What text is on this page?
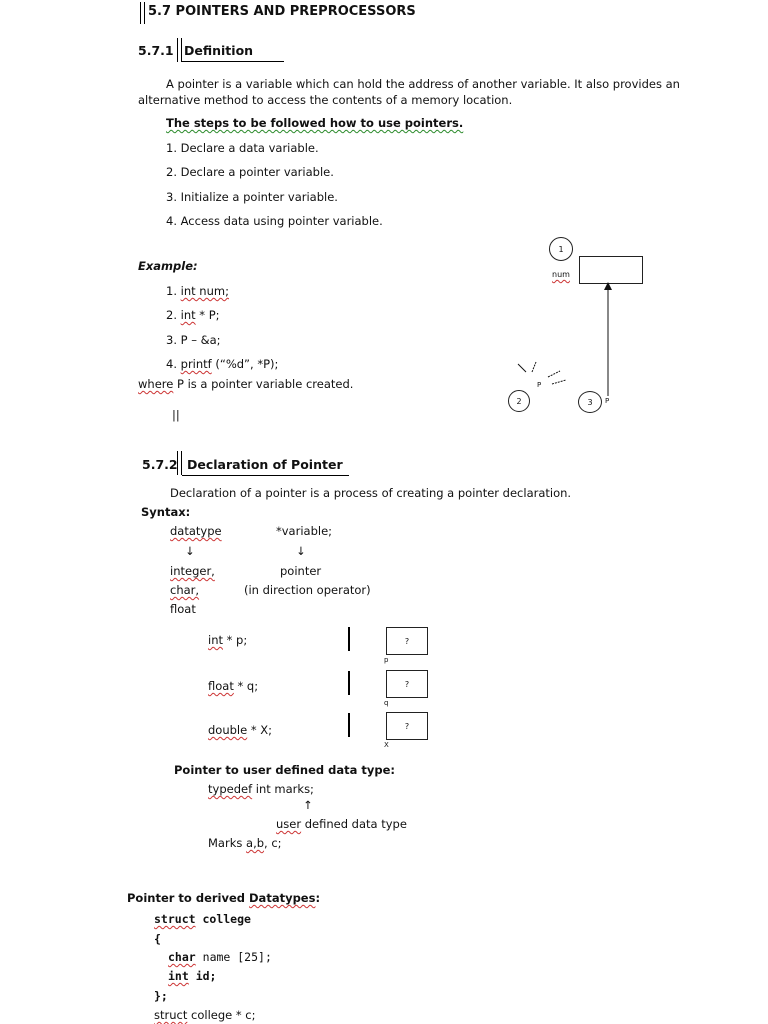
5.7 POINTERS AND PREPROCESSORS
5.7.1 Definition
A pointer is a variable which can hold the address of another variable. It also provides an
alternative method to access the contents of a memory location.
The steps to be followed how to use pointers.
1. Declare a data variable.
2. Declare a pointer variable.
3. Initialize a pointer variable.
4. Access data using pointer variable.
Example:
1. int num;
2. int * P;
3. P – &a;
4. printf (“%d”, *P);
where P is a pointer variable created.
||
1
num
P
2	3	P
5.7.2 Declaration of Pointer
Declaration of a pointer is a process of creating a pointer declaration.
Syntax:
datatype
↓
integer,
char,
float
*variable;
↓
pointer
(in direction operator)
int * p;	?
p
float * q;	?
q
double * X;	?
X
Pointer to user defined data type:
typedef int marks;
↑
user defined data type
Marks a,b, c;
Pointer to derived Datatypes:
struct college
{
char name [25];
int id;
};
struct college * c;
